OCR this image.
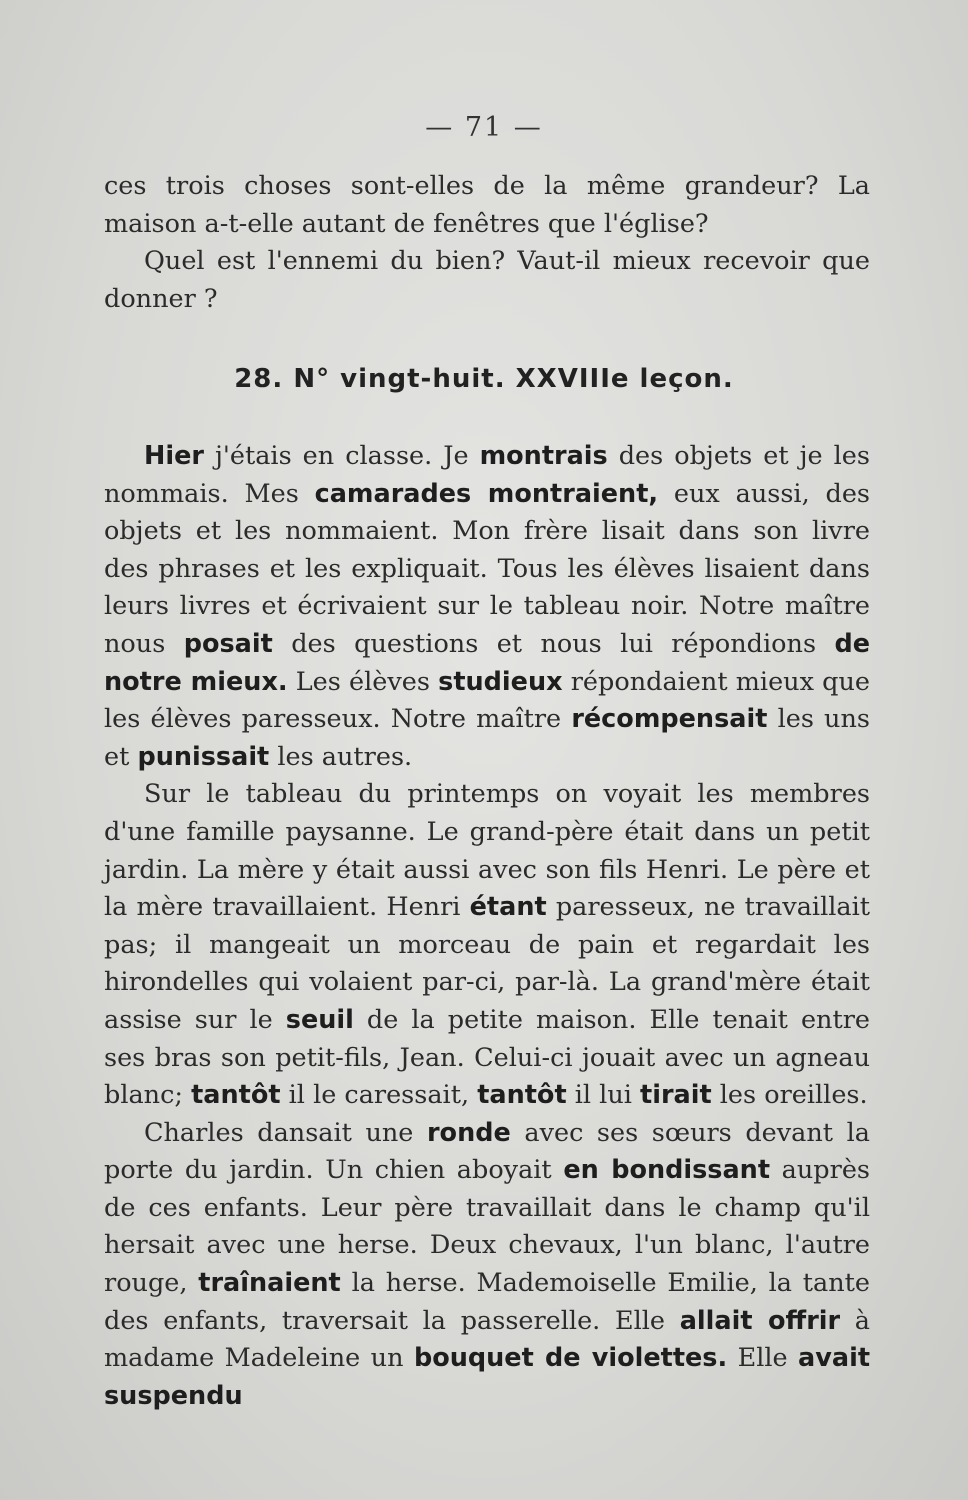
— 71 —

ces trois choses sont-elles de la même grandeur? La maison a-t-elle autant de fenêtres que l'église?

Quel est l'ennemi du bien? Vaut-il mieux recevoir que donner ?

28. N° vingt-huit. XXVIIIe leçon.

Hier j'étais en classe. Je montrais des objets et je les nommais. Mes camarades montraient, eux aussi, des objets et les nommaient. Mon frère lisait dans son livre des phrases et les expliquait. Tous les élèves lisaient dans leurs livres et écrivaient sur le tableau noir. Notre maître nous posait des questions et nous lui répondions de notre mieux. Les élèves studieux répondaient mieux que les élèves paresseux. Notre maître récompensait les uns et punissait les autres.

Sur le tableau du printemps on voyait les membres d'une famille paysanne. Le grand-père était dans un petit jardin. La mère y était aussi avec son fils Henri. Le père et la mère travaillaient. Henri étant paresseux, ne travaillait pas; il mangeait un morceau de pain et regardait les hirondelles qui volaient par-ci, par-là. La grand'mère était assise sur le seuil de la petite maison. Elle tenait entre ses bras son petit-fils, Jean. Celui-ci jouait avec un agneau blanc; tantôt il le caressait, tantôt il lui tirait les oreilles.

Charles dansait une ronde avec ses sœurs devant la porte du jardin. Un chien aboyait en bondissant auprès de ces enfants. Leur père travaillait dans le champ qu'il hersait avec une herse. Deux chevaux, l'un blanc, l'autre rouge, traînaient la herse. Mademoiselle Emilie, la tante des enfants, traversait la passerelle. Elle allait offrir à madame Madeleine un bouquet de violettes. Elle avait suspendu
